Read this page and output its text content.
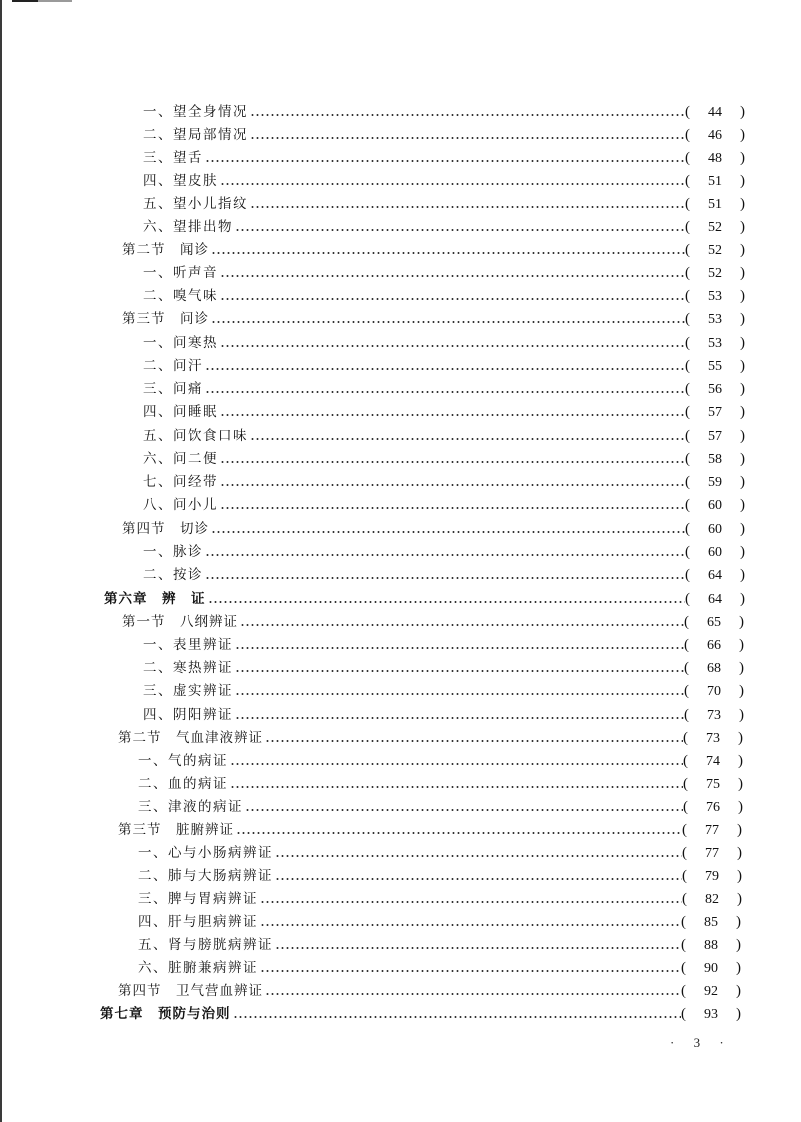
一、望全身情况	(	44	)
二、望局部情况	(	46	)
三、望舌	(	48	)
四、望皮肤	(	51	)
五、望小儿指纹	(	51	)
六、望排出物	(	52	)
第二节　闻诊	(	52	)
一、听声音	(	52	)
二、嗅气味	(	53	)
第三节　问诊	(	53	)
一、问寒热	(	53	)
二、问汗	(	55	)
三、问痛	(	56	)
四、问睡眠	(	57	)
五、问饮食口味	(	57	)
六、问二便	(	58	)
七、问经带	(	59	)
八、问小儿	(	60	)
第四节　切诊	(	60	)
一、脉诊	(	60	)
二、按诊	(	64	)
第六章　辨　证	(	64	)
第一节　八纲辨证	(	65	)
一、表里辨证	(	66	)
二、寒热辨证	(	68	)
三、虚实辨证	(	70	)
四、阴阳辨证	(	73	)
第二节　气血津液辨证	(	73	)
一、气的病证	(	74	)
二、血的病证	(	75	)
三、津液的病证	(	76	)
第三节　脏腑辨证	(	77	)
一、心与小肠病辨证	(	77	)
二、肺与大肠病辨证	(	79	)
三、脾与胃病辨证	(	82	)
四、肝与胆病辨证	(	85	)
五、肾与膀胱病辨证	(	88	)
六、脏腑兼病辨证	(	90	)
第四节　卫气营血辨证	(	92	)
第七章　预防与治则	(	93	)
· 3 ·
